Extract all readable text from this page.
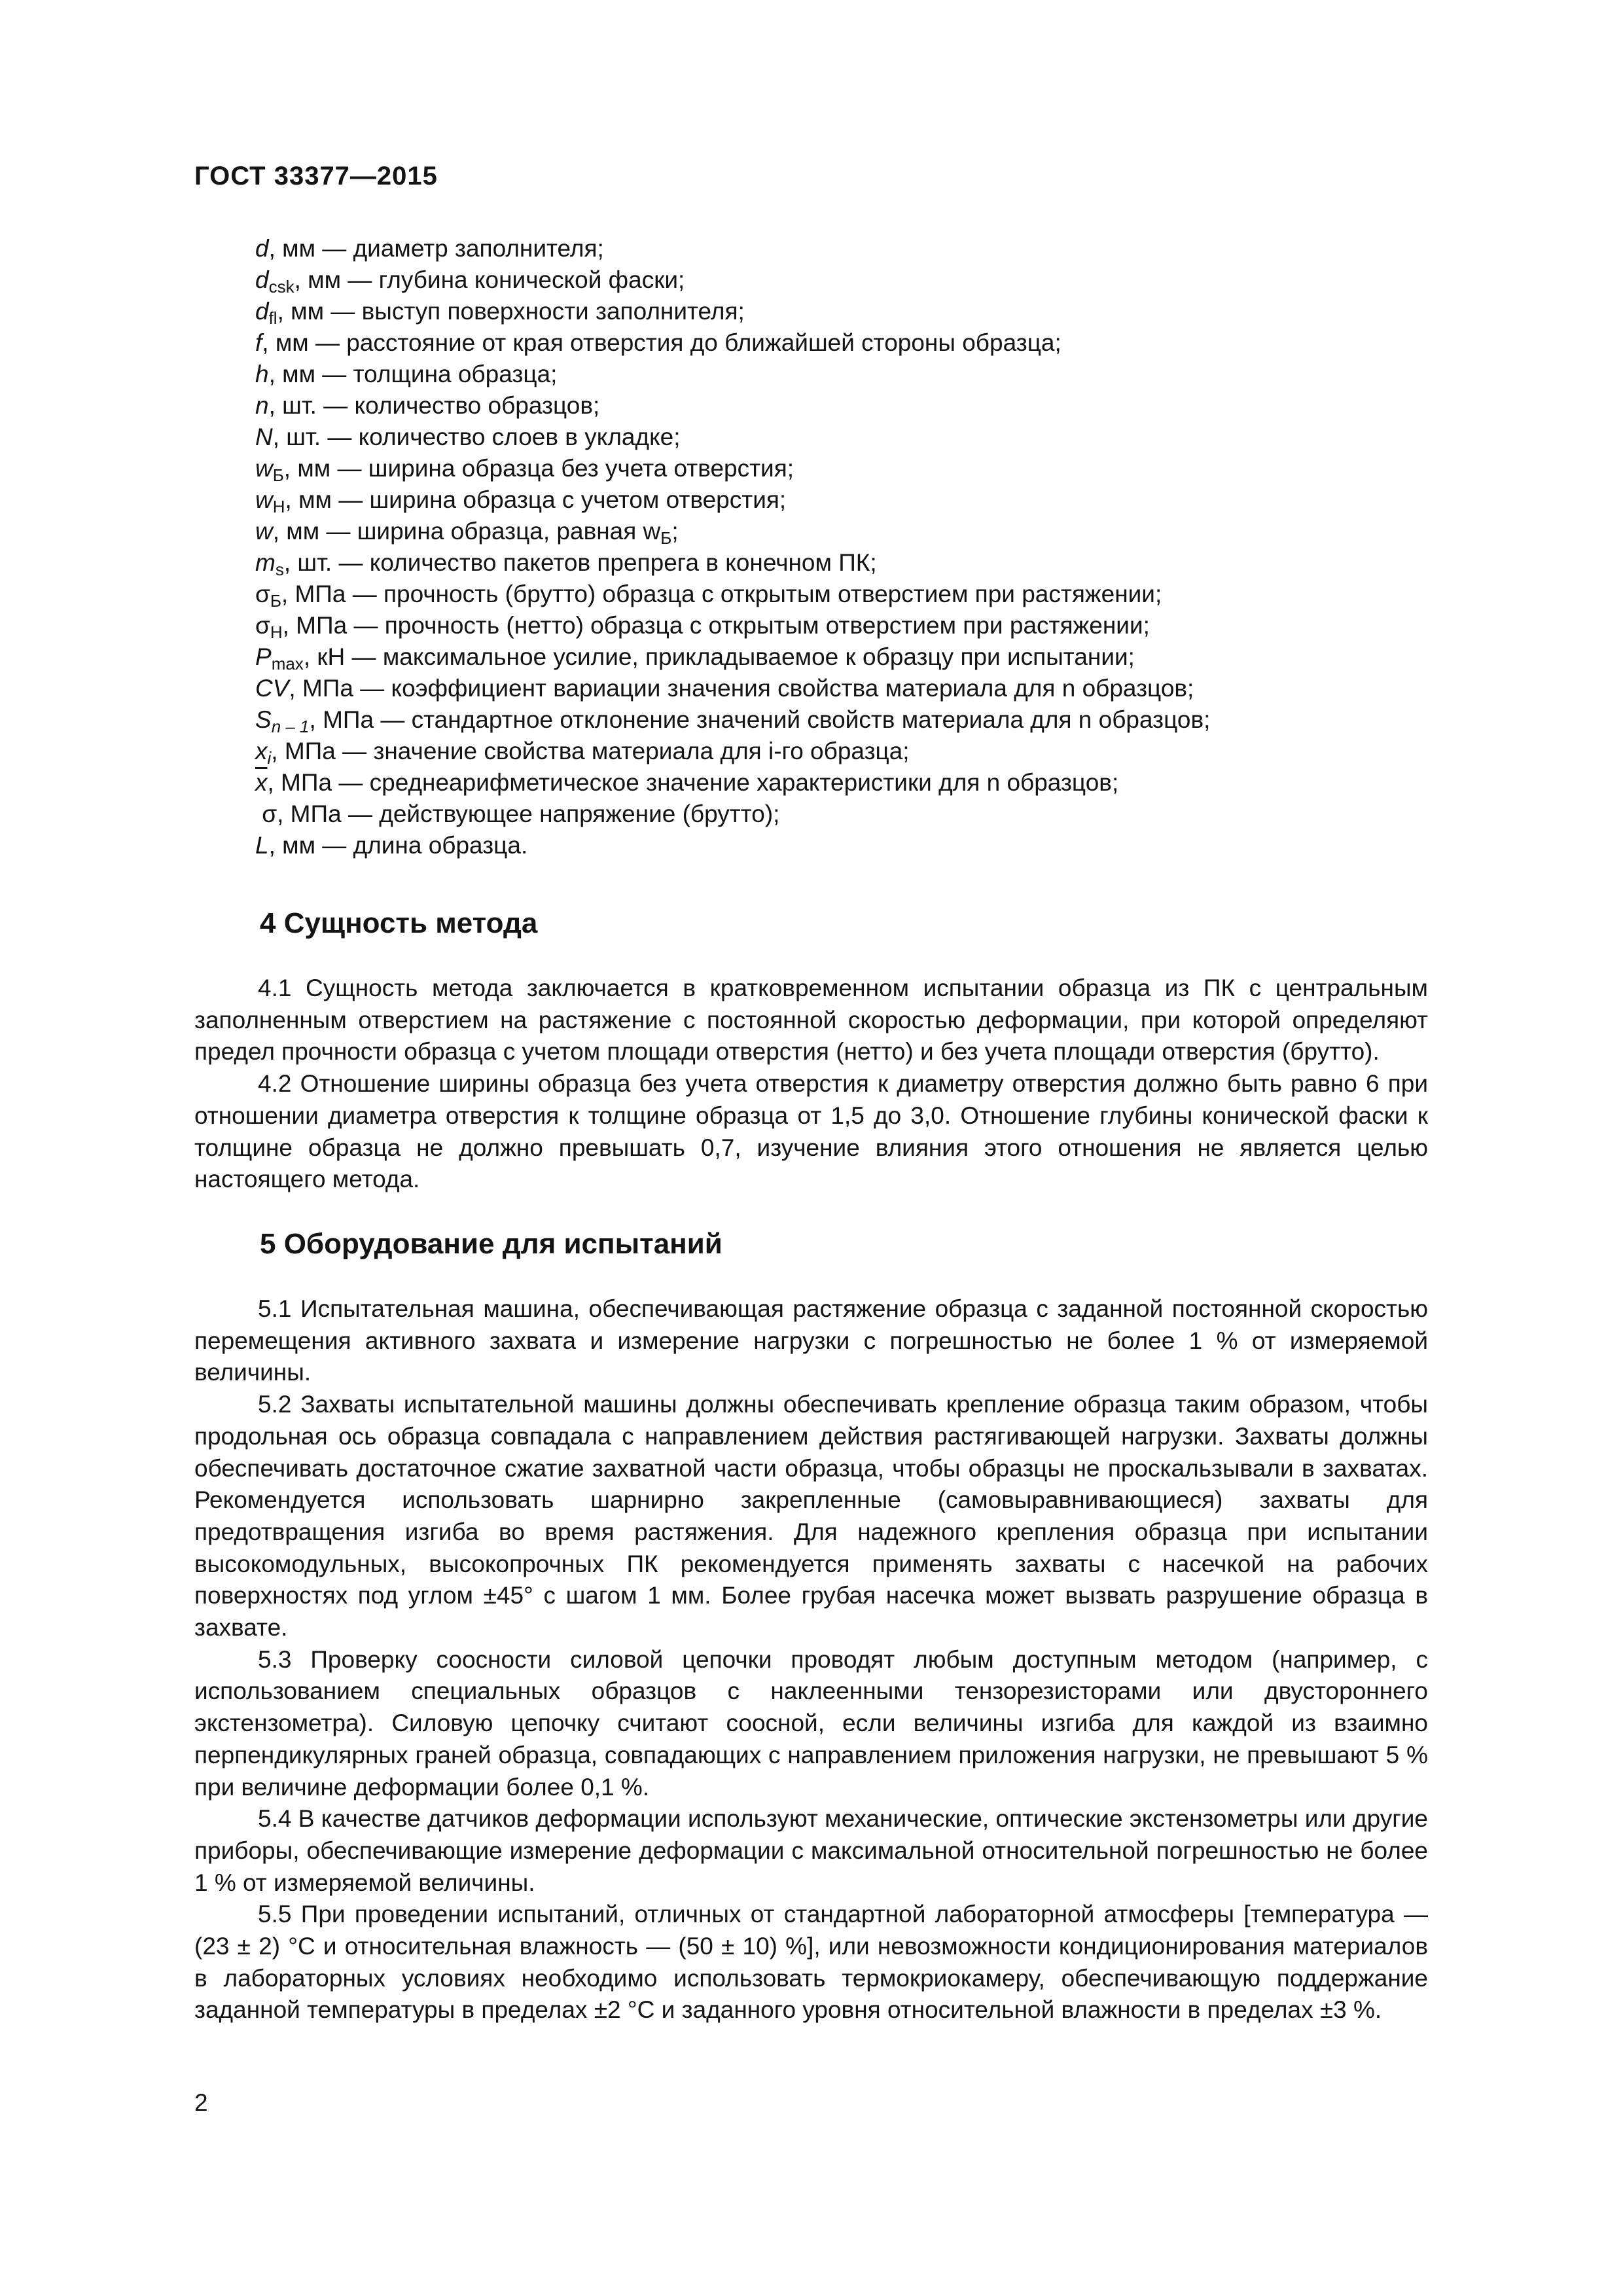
ГОСТ 33377—2015
d, мм — диаметр заполнителя;
$d_{csk}$, мм — глубина конической фаски;
$d_{fl}$, мм — выступ поверхности заполнителя;
f, мм — расстояние от края отверстия до ближайшей стороны образца;
h, мм — толщина образца;
n, шт. — количество образцов;
N, шт. — количество слоев в укладке;
$w_Б$, мм — ширина образца без учета отверстия;
$w_Н$, мм — ширина образца с учетом отверстия;
w, мм — ширина образца, равная $w_Б$;
$m_s$, шт. — количество пакетов препрега в конечном ПК;
$\sigma_Б$, МПа — прочность (брутто) образца с открытым отверстием при растяжении;
$\sigma_Н$, МПа — прочность (нетто) образца с открытым отверстием при растяжении;
$P_{max}$, кН — максимальное усилие, прикладываемое к образцу при испытании;
CV, МПа — коэффициент вариации значения свойства материала для n образцов;
$S_{n - 1}$, МПа — стандартное отклонение значений свойств материала для n образцов;
$x_i$, МПа — значение свойства материала для i-го образца;
$\overline{x}$, МПа — среднеарифметическое значение характеристики для n образцов;
σ, МПа — действующее напряжение (брутто);
L, мм — длина образца.
4 Сущность метода

4.1 Сущность метода заключается в кратковременном испытании образца из ПК с центральным заполненным отверстием на растяжение с постоянной скоростью деформации, при которой определяют предел прочности образца с учетом площади отверстия (нетто) и без учета площади отверстия (брутто).

4.2 Отношение ширины образца без учета отверстия к диаметру отверстия должно быть равно 6 при отношении диаметра отверстия к толщине образца от 1,5 до 3,0. Отношение глубины конической фаски к толщине образца не должно превышать 0,7, изучение влияния этого отношения не является целью настоящего метода.

5 Оборудование для испытаний

5.1 Испытательная машина, обеспечивающая растяжение образца с заданной постоянной скоростью перемещения активного захвата и измерение нагрузки с погрешностью не более 1 % от измеряемой величины.

5.2 Захваты испытательной машины должны обеспечивать крепление образца таким образом, чтобы продольная ось образца совпадала с направлением действия растягивающей нагрузки. Захваты должны обеспечивать достаточное сжатие захватной части образца, чтобы образцы не проскальзывали в захватах. Рекомендуется использовать шарнирно закрепленные (самовыравнивающиеся) захваты для предотвращения изгиба во время растяжения. Для надежного крепления образца при испытании высокомодульных, высокопрочных ПК рекомендуется применять захваты с насечкой на рабочих поверхностях под углом ±45° с шагом 1 мм. Более грубая насечка может вызвать разрушение образца в захвате.

5.3 Проверку соосности силовой цепочки проводят любым доступным методом (например, с использованием специальных образцов с наклеенными тензорезисторами или двустороннего экстензометра). Силовую цепочку считают соосной, если величины изгиба для каждой из взаимно перпендикулярных граней образца, совпадающих с направлением приложения нагрузки, не превышают 5 % при величине деформации более 0,1 %.

5.4 В качестве датчиков деформации используют механические, оптические экстензометры или другие приборы, обеспечивающие измерение деформации с максимальной относительной погрешностью не более 1 % от измеряемой величины.

5.5 При проведении испытаний, отличных от стандартной лабораторной атмосферы [температура — (23 ± 2) °С и относительная влажность — (50 ± 10) %], или невозможности кондиционирования материалов в лабораторных условиях необходимо использовать термокриокамеру, обеспечивающую поддержание заданной температуры в пределах ±2 °С и заданного уровня относительной влажности в пределах ±3 %.

2
